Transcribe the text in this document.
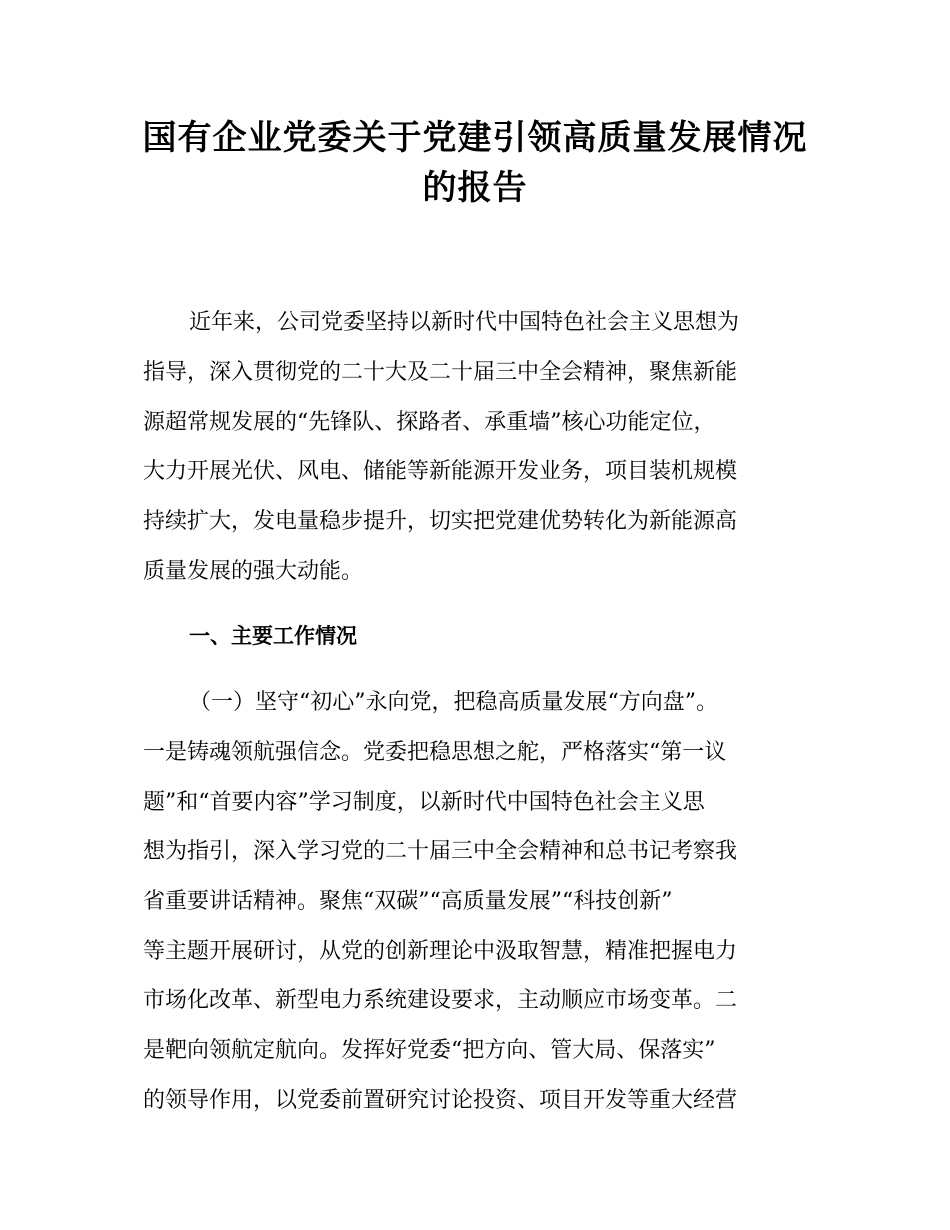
国有企业党委关于党建引领高质量发展情况
的报告
近年来，公司党委坚持以新时代中国特色社会主义思想为
指导，深入贯彻党的二十大及二十届三中全会精神，聚焦新能
源超常规发展的“先锋队、探路者、承重墙”核心功能定位，
大力开展光伏、风电、储能等新能源开发业务，项目装机规模
持续扩大，发电量稳步提升，切实把党建优势转化为新能源高
质量发展的强大动能。
一、主要工作情况
（一）坚守“初心”永向党，把稳高质量发展“方向盘”。
一是铸魂领航强信念。党委把稳思想之舵，严格落实“第一议
题”和“首要内容”学习制度，以新时代中国特色社会主义思
想为指引，深入学习党的二十届三中全会精神和总书记考察我
省重要讲话精神。聚焦“双碳”“高质量发展”“科技创新”
等主题开展研讨，从党的创新理论中汲取智慧，精准把握电力
市场化改革、新型电力系统建设要求，主动顺应市场变革。二
是靶向领航定航向。发挥好党委“把方向、管大局、保落实”
的领导作用，以党委前置研究讨论投资、项目开发等重大经营
